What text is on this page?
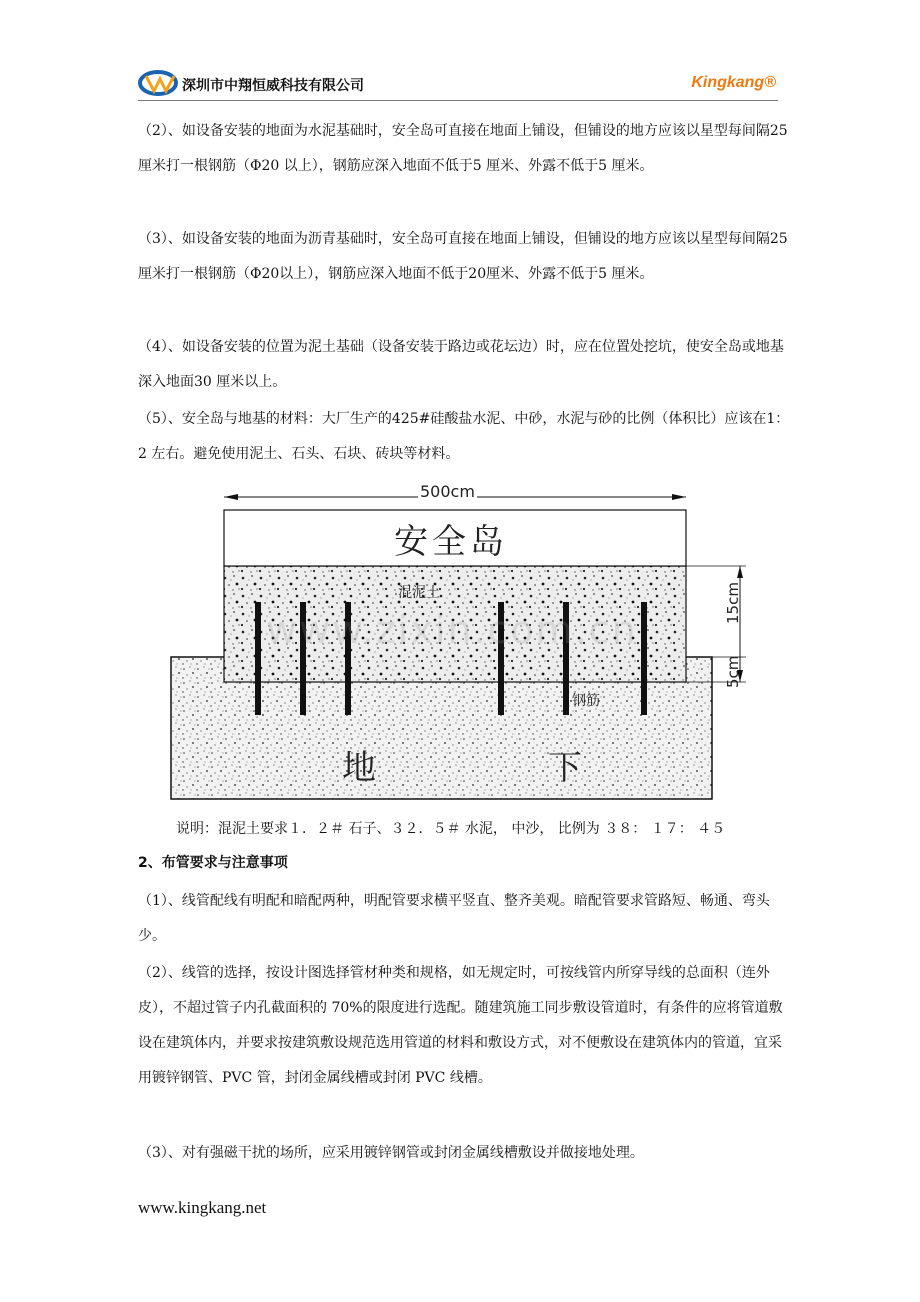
深圳市中翔恒威科技有限公司	Kingkang®

（2）、如设备安装的地面为水泥基础时，安全岛可直接在地面上铺设，但铺设的地方应该以星型每间隔25 厘米打一根钢筋（Φ20 以上），钢筋应深入地面不低于5 厘米、外露不低于5 厘米。

（3）、如设备安装的地面为沥青基础时，安全岛可直接在地面上铺设，但铺设的地方应该以星型每间隔25厘米打一根钢筋（Φ20以上），钢筋应深入地面不低于20厘米、外露不低于5 厘米。

（4）、如设备安装的位置为泥土基础（设备安装于路边或花坛边）时，应在位置处挖坑，使安全岛或地基深入地面30 厘米以上。

（5）、安全岛与地基的材料：大厂生产的425#硅酸盐水泥、中砂，水泥与砂的比例（体积比）应该在1：2 左右。避免使用泥土、石头、石块、砖块等材料。

500cm
安全岛
混泥土
www.zixin.com.cn
15cm
5cm
钢筋
地	下

说明：混泥土要求１．２＃ 石子、３２．５＃ 水泥， 中沙， 比例为 ３８： １７： ４５

2、布管要求与注意事项

（1）、线管配线有明配和暗配两种，明配管要求横平竖直、整齐美观。暗配管要求管路短、畅通、弯头少。

（2）、线管的选择，按设计图选择管材种类和规格，如无规定时，可按线管内所穿导线的总面积（连外皮），不超过管子内孔截面积的 70%的限度进行选配。随建筑施工同步敷设管道时，有条件的应将管道敷设在建筑体内，并要求按建筑敷设规范选用管道的材料和敷设方式，对不便敷设在建筑体内的管道，宜采用镀锌钢管、PVC 管，封闭金属线槽或封闭 PVC 线槽。

（3）、对有强磁干扰的场所，应采用镀锌钢管或封闭金属线槽敷设并做接地处理。

www.kingkang.net
